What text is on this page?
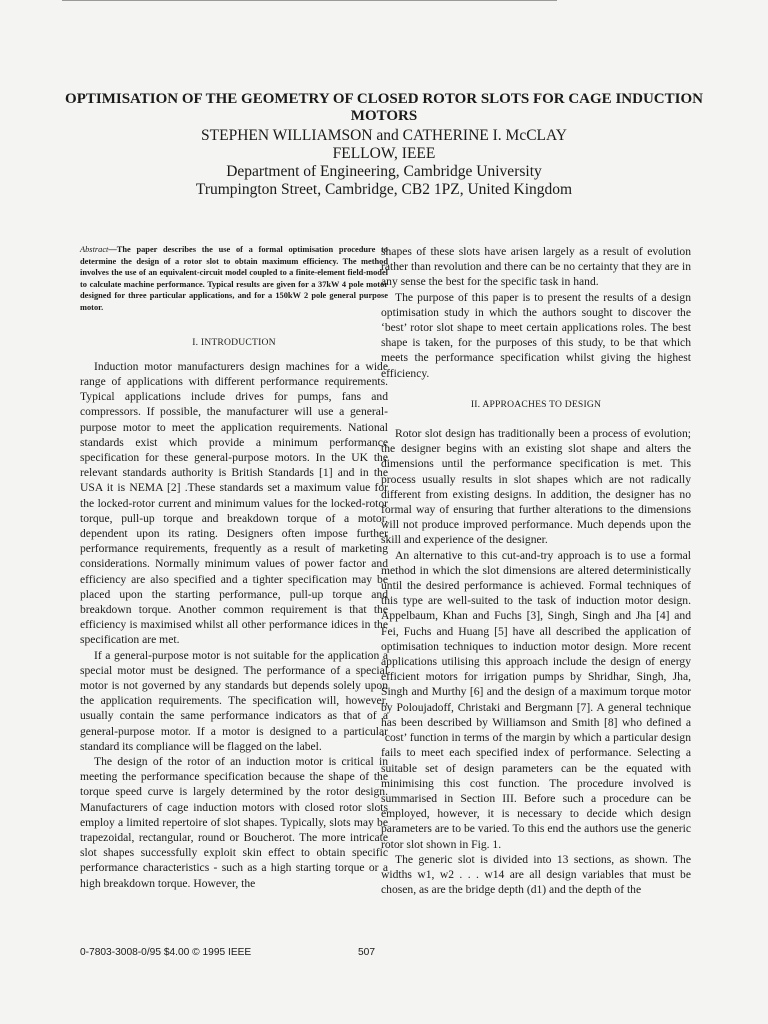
OPTIMISATION OF THE GEOMETRY OF CLOSED ROTOR SLOTS FOR CAGE INDUCTION MOTORS
STEPHEN WILLIAMSON and CATHERINE I. McCLAY
FELLOW, IEEE
Department of Engineering, Cambridge University
Trumpington Street, Cambridge, CB2 1PZ, United Kingdom
Abstract—The paper describes the use of a formal optimisation procedure to determine the design of a rotor slot to obtain maximum efficiency. The method involves the use of an equivalent-circuit model coupled to a finite-element field-model to calculate machine performance. Typical results are given for a 37kW 4 pole motor designed for three particular applications, and for a 150kW 2 pole general purpose motor.
I. INTRODUCTION

Induction motor manufacturers design machines for a wide range of applications with different performance requirements. Typical applications include drives for pumps, fans and compressors. If possible, the manufacturer will use a general-purpose motor to meet the application requirements. National standards exist which provide a minimum performance specification for these general-purpose motors. In the UK the relevant standards authority is British Standards [1] and in the USA it is NEMA [2] .These standards set a maximum value for the locked-rotor current and minimum values for the locked-rotor torque, pull-up torque and breakdown torque of a motor, dependent upon its rating. Designers often impose further performance requirements, frequently as a result of marketing considerations. Normally minimum values of power factor and efficiency are also specified and a tighter specification may be placed upon the starting performance, pull-up torque and breakdown torque. Another common requirement is that the efficiency is maximised whilst all other performance idices in the specification are met.

If a general-purpose motor is not suitable for the application a special motor must be designed. The performance of a special motor is not governed by any standards but depends solely upon the application requirements. The specification will, however, usually contain the same performance indicators as that of a general-purpose motor. If a motor is designed to a particular standard its compliance will be flagged on the label.

The design of the rotor of an induction motor is critical in meeting the performance specification because the shape of the torque speed curve is largely determined by the rotor design. Manufacturers of cage induction motors with closed rotor slots employ a limited repertoire of slot shapes. Typically, slots may be trapezoidal, rectangular, round or Boucherot. The more intricate slot shapes successfully exploit skin effect to obtain specific performance characteristics - such as a high starting torque or a high breakdown torque. However, the

shapes of these slots have arisen largely as a result of evolution rather than revolution and there can be no certainty that they are in any sense the best for the specific task in hand.

The purpose of this paper is to present the results of a design optimisation study in which the authors sought to discover the ‘best’ rotor slot shape to meet certain applications roles. The best shape is taken, for the purposes of this study, to be that which meets the performance specification whilst giving the highest efficiency.

II. APPROACHES TO DESIGN

Rotor slot design has traditionally been a process of evolution; the designer begins with an existing slot shape and alters the dimensions until the performance specification is met. This process usually results in slot shapes which are not radically different from existing designs. In addition, the designer has no formal way of ensuring that further alterations to the dimensions will not produce improved performance. Much depends upon the skill and experience of the designer.

An alternative to this cut-and-try approach is to use a formal method in which the slot dimensions are altered deterministically until the desired performance is achieved. Formal techniques of this type are well-suited to the task of induction motor design. Appelbaum, Khan and Fuchs [3], Singh, Singh and Jha [4] and Fei, Fuchs and Huang [5] have all described the application of optimisation techniques to induction motor design. More recent applications utilising this approach include the design of energy efficient motors for irrigation pumps by Shridhar, Singh, Jha, Singh and Murthy [6] and the design of a maximum torque motor by Poloujadoff, Christaki and Bergmann [7]. A general technique has been described by Williamson and Smith [8] who defined a ‘cost’ function in terms of the margin by which a particular design fails to meet each specified index of performance. Selecting a suitable set of design parameters can be the equated with minimising this cost function. The procedure involved is summarised in Section III. Before such a procedure can be employed, however, it is necessary to decide which design parameters are to be varied. To this end the authors use the generic rotor slot shown in Fig. 1.

The generic slot is divided into 13 sections, as shown. The widths w1, w2 . . . w14 are all design variables that must be chosen, as are the bridge depth (d1) and the depth of the

0-7803-3008-0/95 $4.00 © 1995 IEEE	507
